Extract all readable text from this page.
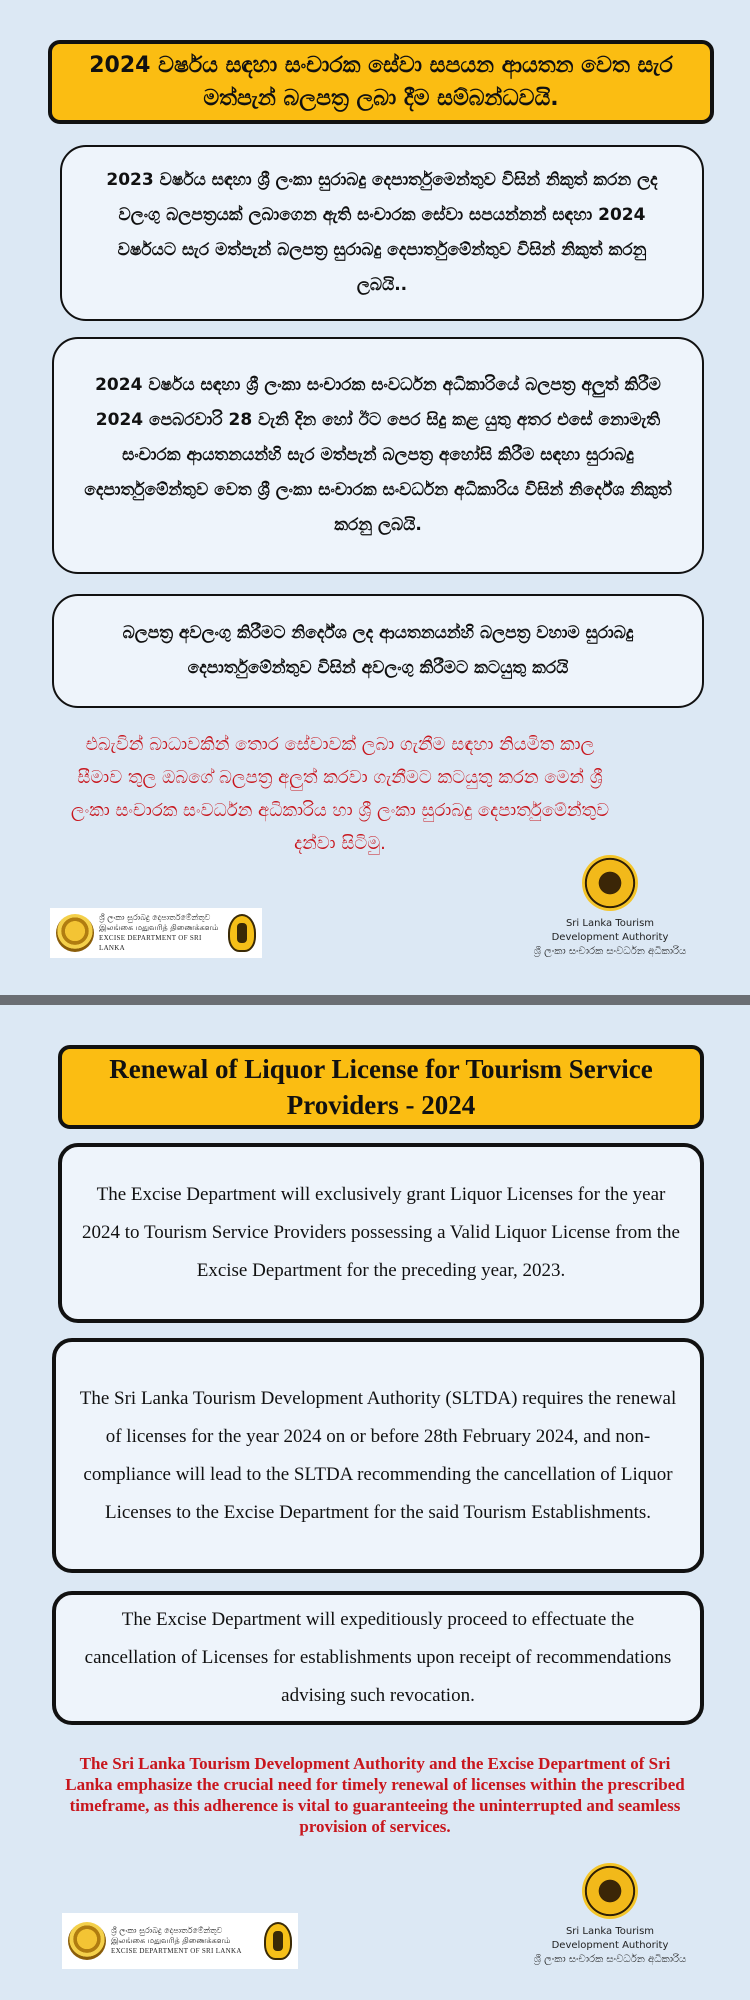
2024 වර්ෂය සඳහා සංචාරක සේවා සපයන ආයතන වෙත සැර මත්පැන් බලපත්‍ර ලබා දීම සම්බන්ධවයි.
2023 වර්ෂය සඳහා ශ්‍රී ලංකා සුරාබදු දෙපාර්තුමෙන්තුව විසින් නිකුත් කරන ලද වලංගු බලපත්‍රයක් ලබාගෙන ඇති සංචාරක සේවා සපයන්නන් සඳහා 2024 වර්ෂයට සැර මත්පැන් බලපත්‍ර සුරාබදු දෙපාර්තුමේන්තුව විසින් නිකුත් කරනු ලබයි..
2024 වර්ෂය සඳහා ශ්‍රී ලංකා සංචාරක සංවර්ධන අධිකාරියේ බලපත්‍ර අලුත් කිරීම 2024 පෙබරවාරි 28 වැනි දින හෝ ඊට පෙර සිදු කළ යුතු අතර එසේ නොමැති සංචාරක ආයතනයන්හි සැර මත්පැන් බලපත්‍ර අහෝසි කිරීම සඳහා සුරාබදු දෙපාර්තුමේන්තුව වෙත ශ්‍රී ලංකා සංචාරක සංවර්ධන අධිකාරිය විසින් නිර්දේශ නිකුත් කරනු ලබයි.
බලපත්‍ර අවලංගු කිරීමට නිර්දේශ ලද ආයතනයන්හි බලපත්‍ර වහාම සුරාබදු දෙපාර්තුමේන්තුව විසින් අවලංගු කිරීමට කටයුතු කරයි
එබැවින් බාධාවකින් තොර සේවාවක් ලබා ගැනීම සඳහා නියමිත කාල සීමාව තුල ඔබගේ බලපත්‍ර අලුත් කරවා ගැනීමට කටයුතු කරන මෙන් ශ්‍රී ලංකා සංචාරක සංවර්ධන අධිකාරිය හා ශ්‍රී ලංකා සුරාබදු දෙපාර්තුමේන්තුව දන්වා සිටිමු.
ශ්‍රී ලංකා සුරාබදු දෙපාර්තමේන්තුව
இலங்கை மதுவரித் திணைக்களம்
EXCISE DEPARTMENT OF SRI LANKA
Sri Lanka Tourism
Development Authority
ශ්‍රී ලංකා සංචාරක සංවර්ධන අධිකාරිය
Renewal of Liquor License for Tourism Service Providers - 2024
The Excise Department will exclusively grant Liquor Licenses for the year 2024 to Tourism Service Providers possessing a Valid Liquor License from the Excise Department for the preceding year, 2023.
The Sri Lanka Tourism Development Authority (SLTDA) requires the renewal of licenses for the year 2024 on or before 28th February 2024, and non-compliance will lead to the SLTDA recommending the cancellation of Liquor Licenses to the Excise Department for the said Tourism Establishments.
The Excise Department will expeditiously proceed to effectuate the cancellation of Licenses for establishments upon receipt of recommendations advising such revocation.
The Sri Lanka Tourism Development Authority and the Excise Department of Sri Lanka emphasize the crucial need for timely renewal of licenses within the prescribed timeframe, as this adherence is vital to guaranteeing the uninterrupted and seamless provision of services.
ශ්‍රී ලංකා සුරාබදු දෙපාර්තමේන්තුව
இலங்கை மதுவரித் திணைக்களம்
EXCISE DEPARTMENT OF SRI LANKA
Sri Lanka Tourism
Development Authority
ශ්‍රී ලංකා සංචාරක සංවර්ධන අධිකාරිය
